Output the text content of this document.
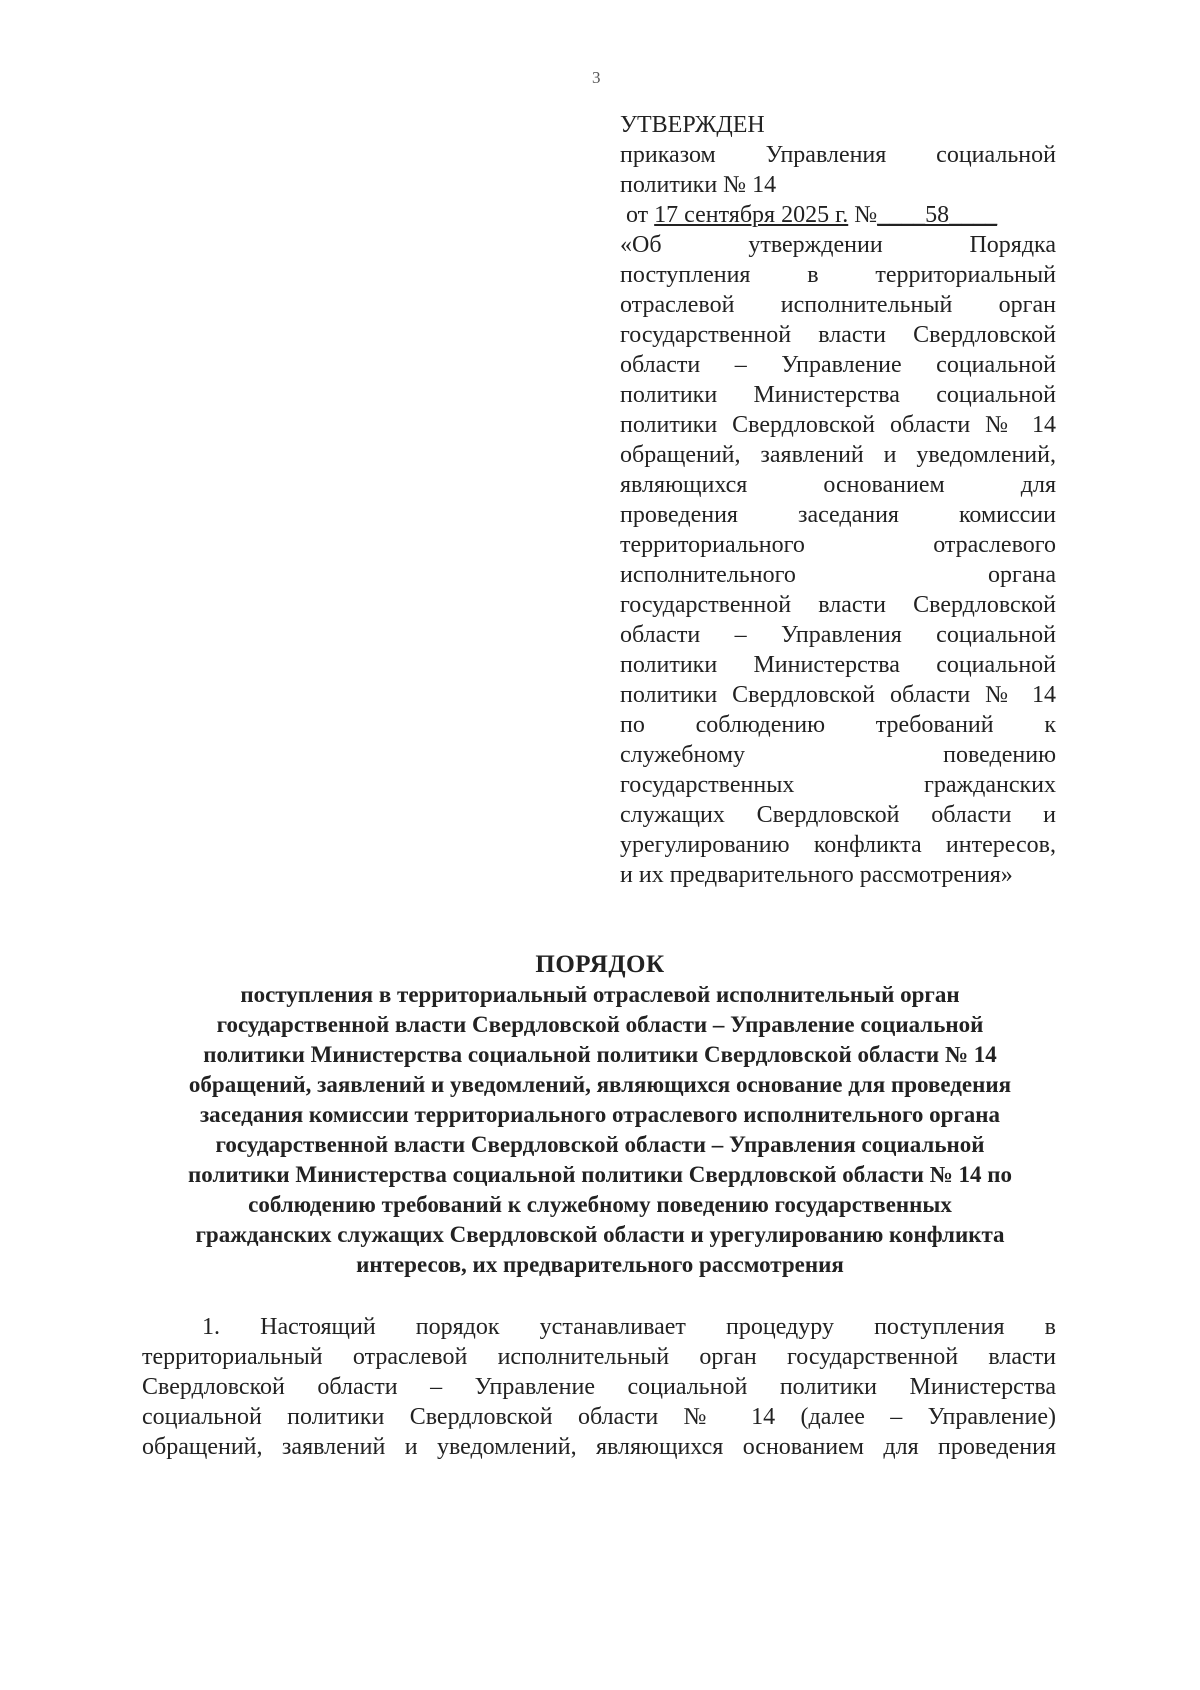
3
УТВЕРЖДЕН
приказом Управления социальной
политики № 14
от 17 сентября 2025 г. №____58____
«Об утверждении Порядка
поступления в территориальный
отраслевой исполнительный орган
государственной власти Свердловской
области – Управление социальной
политики Министерства социальной
политики Свердловской области № 14
обращений, заявлений и уведомлений,
являющихся основанием для
проведения заседания комиссии
территориального отраслевого
исполнительного органа
государственной власти Свердловской
области – Управления социальной
политики Министерства социальной
политики Свердловской области № 14
по соблюдению требований к
служебному поведению
государственных гражданских
служащих Свердловской области и
урегулированию конфликта интересов,
и их предварительного рассмотрения»
ПОРЯДОК
поступления в территориальный отраслевой исполнительный орган
государственной власти Свердловской области – Управление социальной
политики Министерства социальной политики Свердловской области № 14
обращений, заявлений и уведомлений, являющихся основание для проведения
заседания комиссии территориального отраслевого исполнительного органа
государственной власти Свердловской области – Управления социальной
политики Министерства социальной политики Свердловской области № 14 по
соблюдению требований к служебному поведению государственных
гражданских служащих Свердловской области и урегулированию конфликта
интересов, их предварительного рассмотрения
1. Настоящий порядок устанавливает процедуру поступления в
территориальный отраслевой исполнительный орган государственной власти
Свердловской области – Управление социальной политики Министерства
социальной политики Свердловской области № 14 (далее – Управление)
обращений, заявлений и уведомлений, являющихся основанием для проведения
